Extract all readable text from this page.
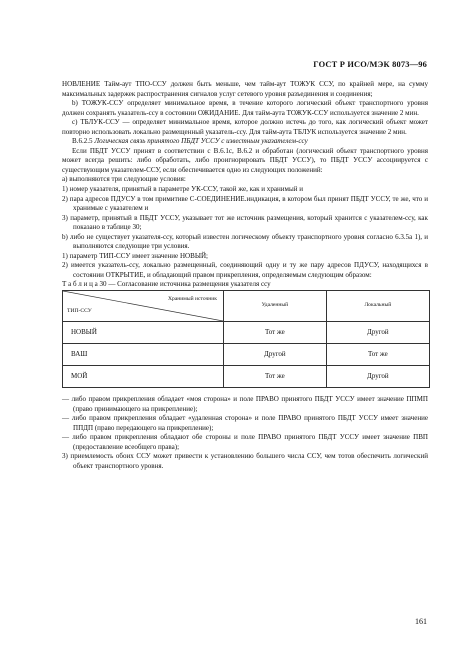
ГОСТ Р ИСО/МЭК 8073—96

НОВЛЕНИЕ Тайм-аут ТПО-ССУ должен быть меньше, чем тайм-аут ТОЖУК ССУ, по крайней мере, на сумму максимальных задержек распространения сигналов услуг сетевого уровня разъединения и соединения;

b) ТОЖУК-ССУ определяет минимальное время, в течение которого логический объект транспортного уровня должен сохранять указатель-ссу в состоянии ОЖИДАНИЕ. Для тайм-аута ТОЖУК-ССУ используется значение 2 мин.

c) ТБЛУК-ССУ — определяет минимальное время, которое должно истечь до того, как логический объект может повторно использовать локально размещенный указатель-ссу. Для тайм-аута ТБЛУК используется значение 2 мин.

В.6.2.5 Логическая связь принятого ПБДТ УССУ с известным указателем-ссу

Если ПБДТ УССУ принят в соответствии с В.6.1с, В.6.2 и обработан (логический объект транспортного уровня может всегда решить: либо обработать, либо проигнорировать ПБДТ УССУ), то ПБДТ УССУ ассоциируется с существующим указателем-ССУ, если обеспечивается одно из следующих положений:

а) выполняются три следующие условия:

1) номер указателя, принятый в параметре УК-ССУ, такой же, как и хранимый и

2) пара адресов ПДУСУ в том примитиве С-СОЕДИНЕНИЕ.индикация, в котором был принят ПБДТ УССУ, те же, что и хранимые с указателем и

3) параметр, принятый в ПБДТ УССУ, указывает тот же источник размещения, который хранится с указателем-ссу, как показано в таблице 30;

b) либо не существует указателя-ссу, который известен логическому объекту транспортного уровня согласно 6.3.5a 1), и выполняются следующие три условия.

1) параметр ТИП-ССУ имеет значение НОВЫЙ;

2) имеется указатель-ссу, локально размещенный, соединяющий одну и ту же пару адресов ПДУСУ, находящихся в состоянии ОТКРЫТИЕ, и обладающий правом прикрепления, определяемым следующим образом:

Т а б л и ц а 30 — Согласование источника размещения указателя ссу

Хранимый источник
ТИП-ССУ	Удаленный	Локальный
НОВЫЙ	Тот же	Другой
ВАШ	Другой	Тот же
МОЙ	Тот же	Другой

— либо правом прикрепления обладает «моя сторона» и поле ПРАВО принятого ПБДТ УССУ имеет значение ППМП (право принимающего на прикрепление);

— либо правом прикрепления обладает «удаленная сторона» и поле ПРАВО принятого ПБДТ УССУ имеет значение ППДП (право передающего на прикрепление);

— либо правом прикрепления обладают обе стороны и поле ПРАВО принятого ПБДТ УССУ имеет значение ПВП (предоставление всеобщего права);

3) приемлемость обоих ССУ может привести к установлению большего числа ССУ, чем тотов обеспечить логический объект транспортного уровня.

161
